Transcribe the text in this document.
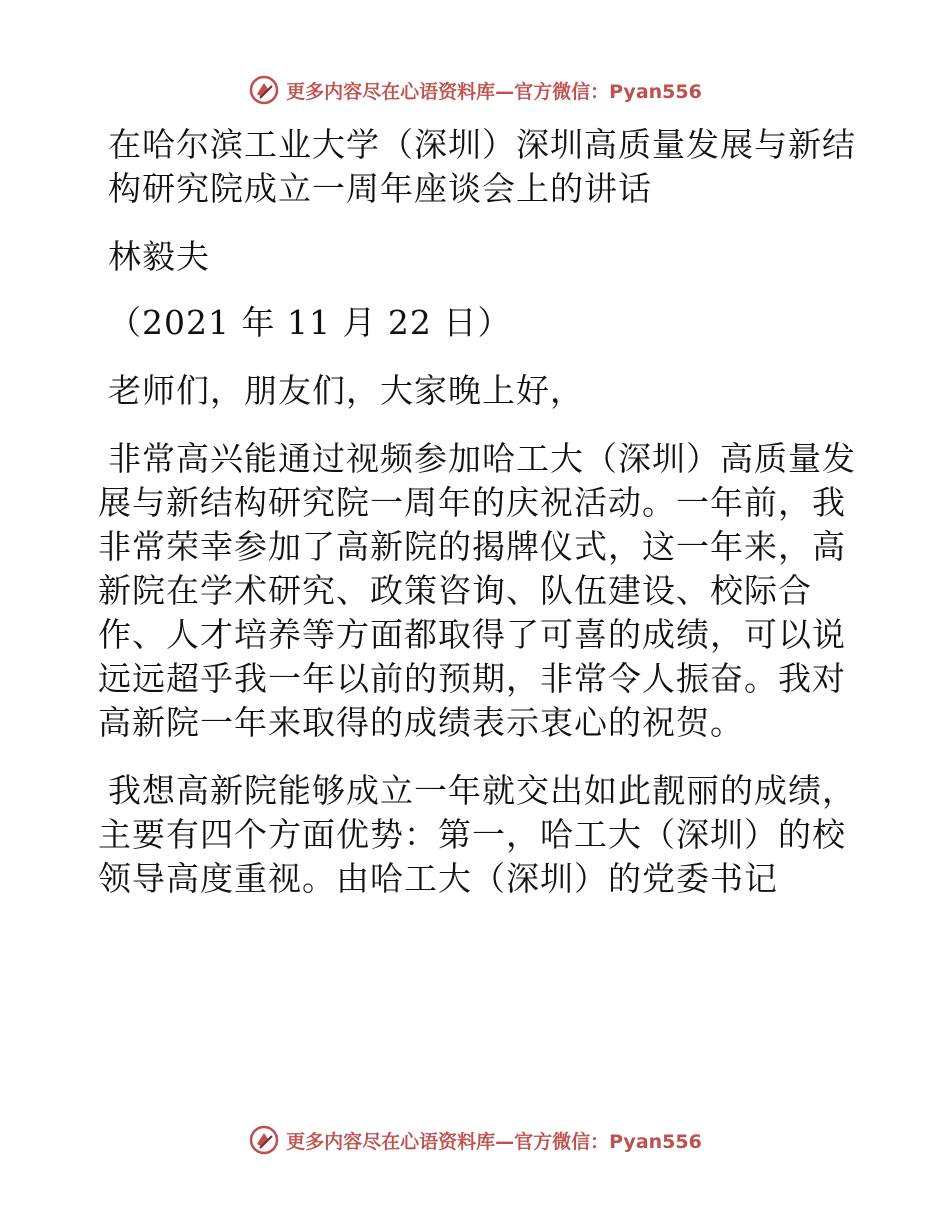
更多内容尽在心语资料库—官方微信：Pyan556

在哈尔滨工业大学（深圳）深圳高质量发展与新结构研究院成立一周年座谈会上的讲话

林毅夫

（2021 年 11 月 22 日）

老师们，朋友们，大家晚上好，

非常高兴能通过视频参加哈工大（深圳）高质量发展与新结构研究院一周年的庆祝活动。一年前，我非常荣幸参加了高新院的揭牌仪式，这一年来，高新院在学术研究、政策咨询、队伍建设、校际合作、人才培养等方面都取得了可喜的成绩，可以说远远超乎我一年以前的预期，非常令人振奋。我对高新院一年来取得的成绩表示衷心的祝贺。

我想高新院能够成立一年就交出如此靓丽的成绩，主要有四个方面优势：第一，哈工大（深圳）的校领导高度重视。由哈工大（深圳）的党委书记

更多内容尽在心语资料库—官方微信：Pyan556
